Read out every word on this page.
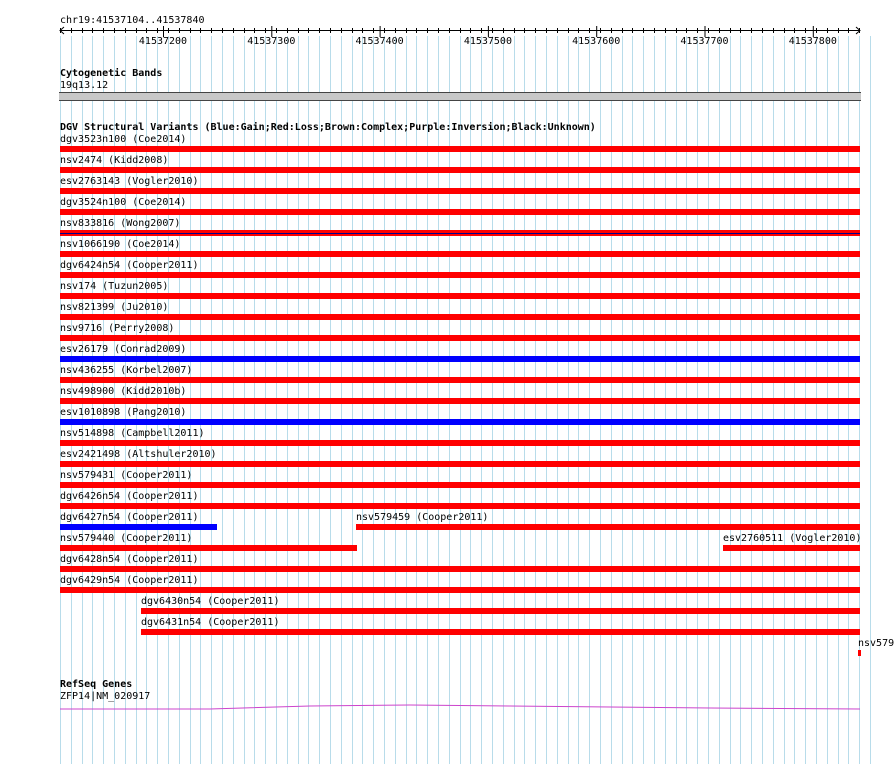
chr19:41537104..41537840
41537200	41537300	41537400	41537500	41537600	41537700	41537800
Cytogenetic Bands
19q13.12
DGV Structural Variants (Blue:Gain;Red:Loss;Brown:Complex;Purple:Inversion;Black:Unknown)
dgv3523n100 (Coe2014)
nsv2474 (Kidd2008)
esv2763143 (Vogler2010)
dgv3524n100 (Coe2014)
nsv833816 (Wong2007)
nsv1066190 (Coe2014)
dgv6424n54 (Cooper2011)
nsv174 (Tuzun2005)
nsv821399 (Ju2010)
nsv9716 (Perry2008)
esv26179 (Conrad2009)
nsv436255 (Korbel2007)
nsv498900 (Kidd2010b)
esv1010898 (Pang2010)
nsv514898 (Campbell2011)
esv2421498 (Altshuler2010)
nsv579431 (Cooper2011)
dgv6426n54 (Cooper2011)
dgv6427n54 (Cooper2011)	nsv579459 (Cooper2011)
nsv579440 (Cooper2011)	esv2760511 (Vogler2010)
dgv6428n54 (Cooper2011)
dgv6429n54 (Cooper2011)
dgv6430n54 (Cooper2011)
dgv6431n54 (Cooper2011)
nsv579
RefSeq Genes
ZFP14|NM_020917
